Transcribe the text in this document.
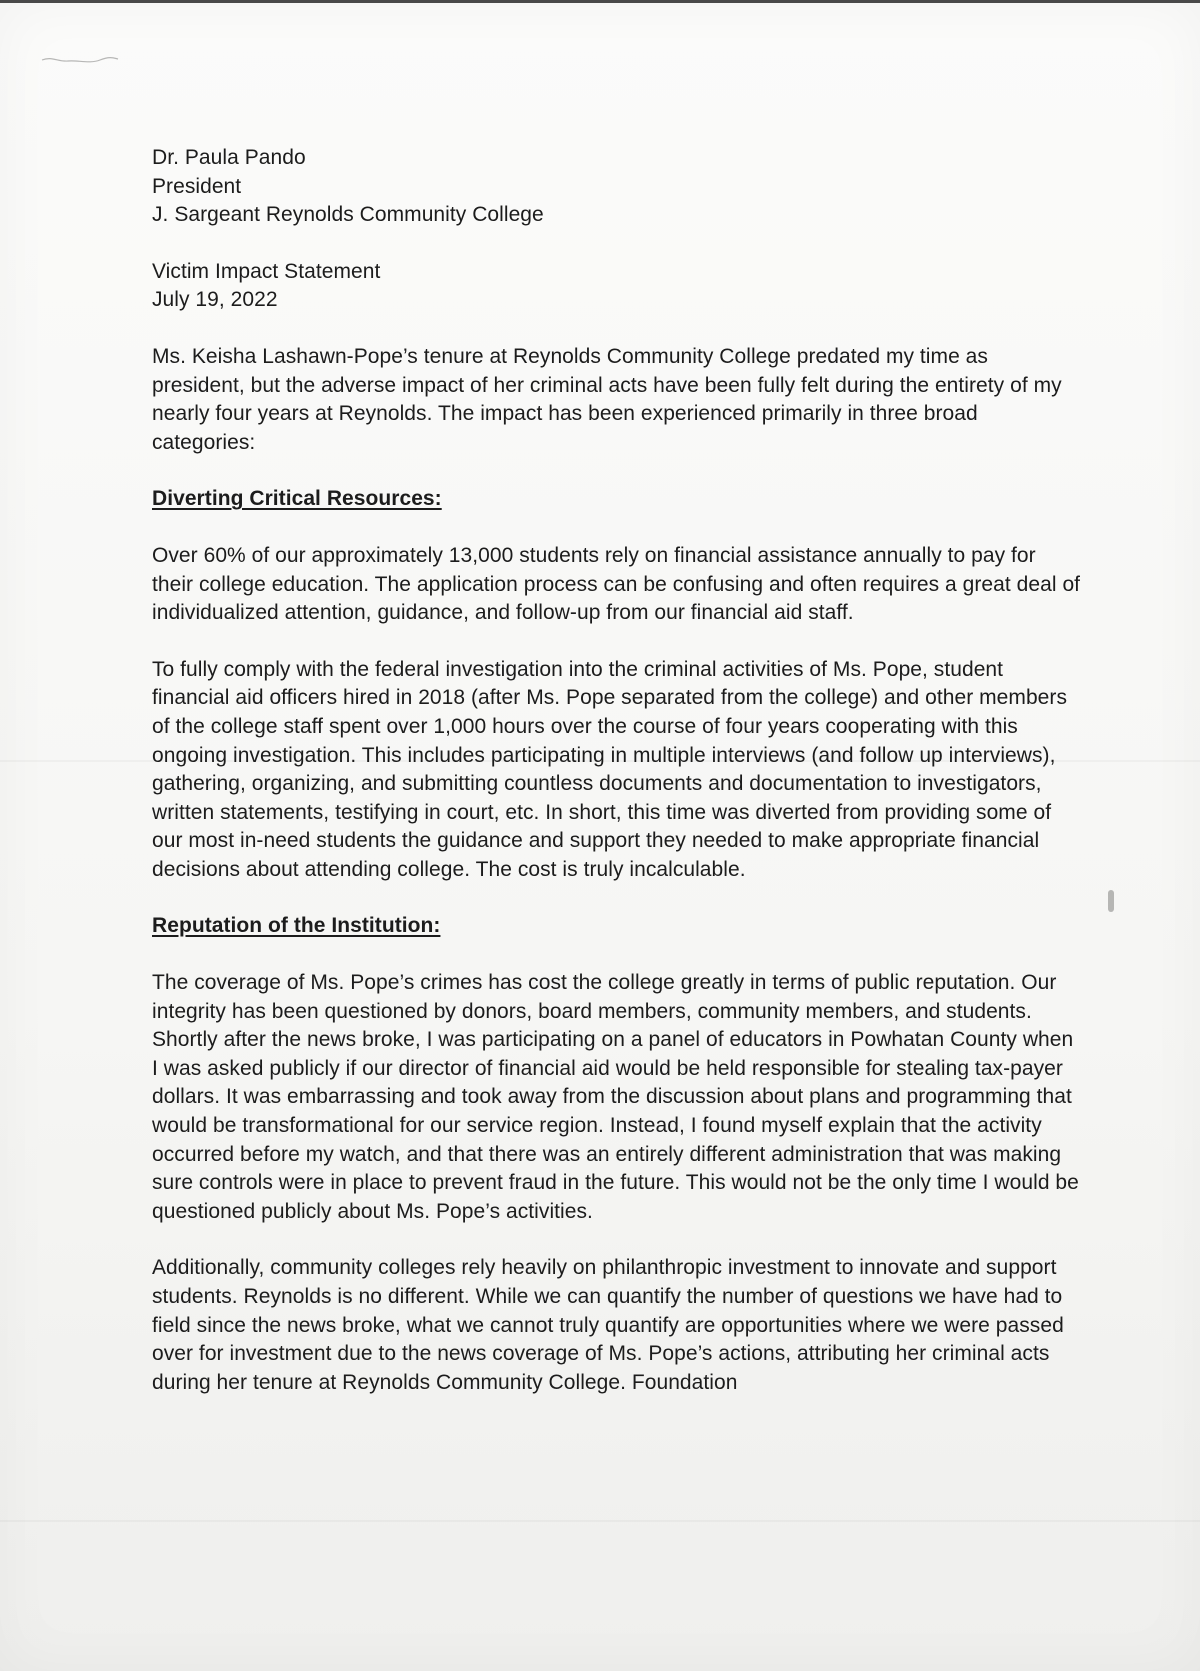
Dr. Paula Pando

President

J. Sargeant Reynolds Community College

Victim Impact Statement

July 19, 2022

Ms. Keisha Lashawn-Pope’s tenure at Reynolds Community College predated my time as president, but the adverse impact of her criminal acts have been fully felt during the entirety of my nearly four years at Reynolds. The impact has been experienced primarily in three broad categories:

Diverting Critical Resources:

Over 60% of our approximately 13,000 students rely on financial assistance annually to pay for their college education. The application process can be confusing and often requires a great deal of individualized attention, guidance, and follow-up from our financial aid staff.

To fully comply with the federal investigation into the criminal activities of Ms. Pope, student financial aid officers hired in 2018 (after Ms. Pope separated from the college) and other members of the college staff spent over 1,000 hours over the course of four years cooperating with this ongoing investigation. This includes participating in multiple interviews (and follow up interviews), gathering, organizing, and submitting countless documents and documentation to investigators, written statements, testifying in court, etc. In short, this time was diverted from providing some of our most in-need students the guidance and support they needed to make appropriate financial decisions about attending college. The cost is truly incalculable.

Reputation of the Institution:

The coverage of Ms. Pope’s crimes has cost the college greatly in terms of public reputation. Our integrity has been questioned by donors, board members, community members, and students. Shortly after the news broke, I was participating on a panel of educators in Powhatan County when I was asked publicly if our director of financial aid would be held responsible for stealing tax-payer dollars. It was embarrassing and took away from the discussion about plans and programming that would be transformational for our service region. Instead, I found myself explain that the activity occurred before my watch, and that there was an entirely different administration that was making sure controls were in place to prevent fraud in the future. This would not be the only time I would be questioned publicly about Ms. Pope’s activities.

Additionally, community colleges rely heavily on philanthropic investment to innovate and support students. Reynolds is no different. While we can quantify the number of questions we have had to field since the news broke, what we cannot truly quantify are opportunities where we were passed over for investment due to the news coverage of Ms. Pope’s actions, attributing her criminal acts during her tenure at Reynolds Community College. Foundation
